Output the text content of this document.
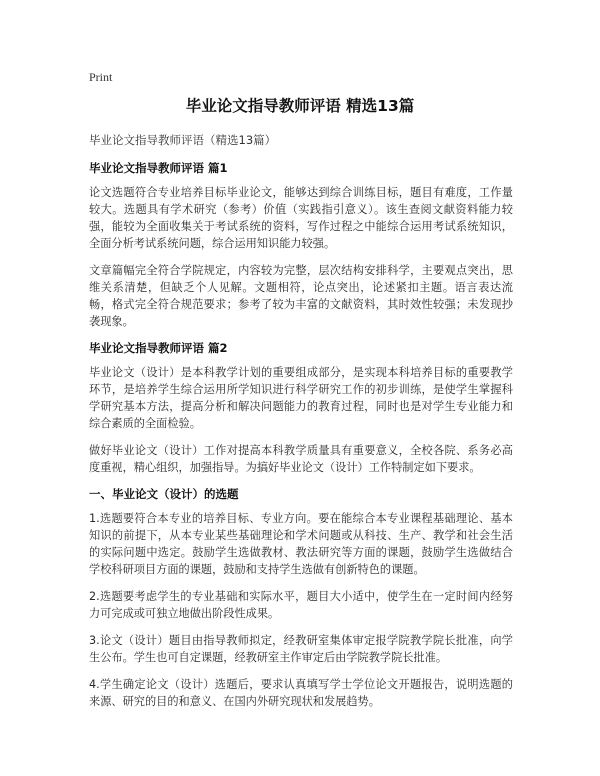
Print
毕业论文指导教师评语 精选13篇
毕业论文指导教师评语（精选13篇）
毕业论文指导教师评语 篇1

论文选题符合专业培养目标毕业论文，能够达到综合训练目标，题目有难度，工作量较大。选题具有学术研究（参考）价值（实践指引意义）。该生查阅文献资料能力较强，能较为全面收集关于考试系统的资料，写作过程之中能综合运用考试系统知识，全面分析考试系统问题，综合运用知识能力较强。

文章篇幅完全符合学院规定，内容较为完整，层次结构安排科学，主要观点突出，思维关系清楚，但缺乏个人见解。文题相符，论点突出，论述紧扣主题。语言表达流畅，格式完全符合规范要求；参考了较为丰富的文献资料，其时效性较强；未发现抄袭现象。

毕业论文指导教师评语 篇2

毕业论文（设计）是本科教学计划的重要组成部分，是实现本科培养目标的重要教学环节，是培养学生综合运用所学知识进行科学研究工作的初步训练，是使学生掌握科学研究基本方法，提高分析和解决问题能力的教育过程，同时也是对学生专业能力和综合素质的全面检验。

做好毕业论文（设计）工作对提高本科教学质量具有重要意义，全校各院、系务必高度重视，精心组织，加强指导。为搞好毕业论文（设计）工作特制定如下要求。

一、毕业论文（设计）的选题

1.选题要符合本专业的培养目标、专业方向。要在能综合本专业课程基础理论、基本知识的前提下，从本专业某些基础理论和学术问题或从科技、生产、教学和社会生活的实际问题中选定。鼓励学生选做教材、教法研究等方面的课题，鼓励学生选做结合学校科研项目方面的课题，鼓励和支持学生选做有创新特色的课题。

2.选题要考虑学生的专业基础和实际水平，题目大小适中，使学生在一定时间内经努力可完成或可独立地做出阶段性成果。

3.论文（设计）题目由指导教师拟定，经教研室集体审定报学院教学院长批准，向学生公布。学生也可自定课题，经教研室主作审定后由学院教学院长批准。

4.学生确定论文（设计）选题后，要求认真填写学士学位论文开题报告，说明选题的来源、研究的目的和意义、在国内外研究现状和发展趋势。
